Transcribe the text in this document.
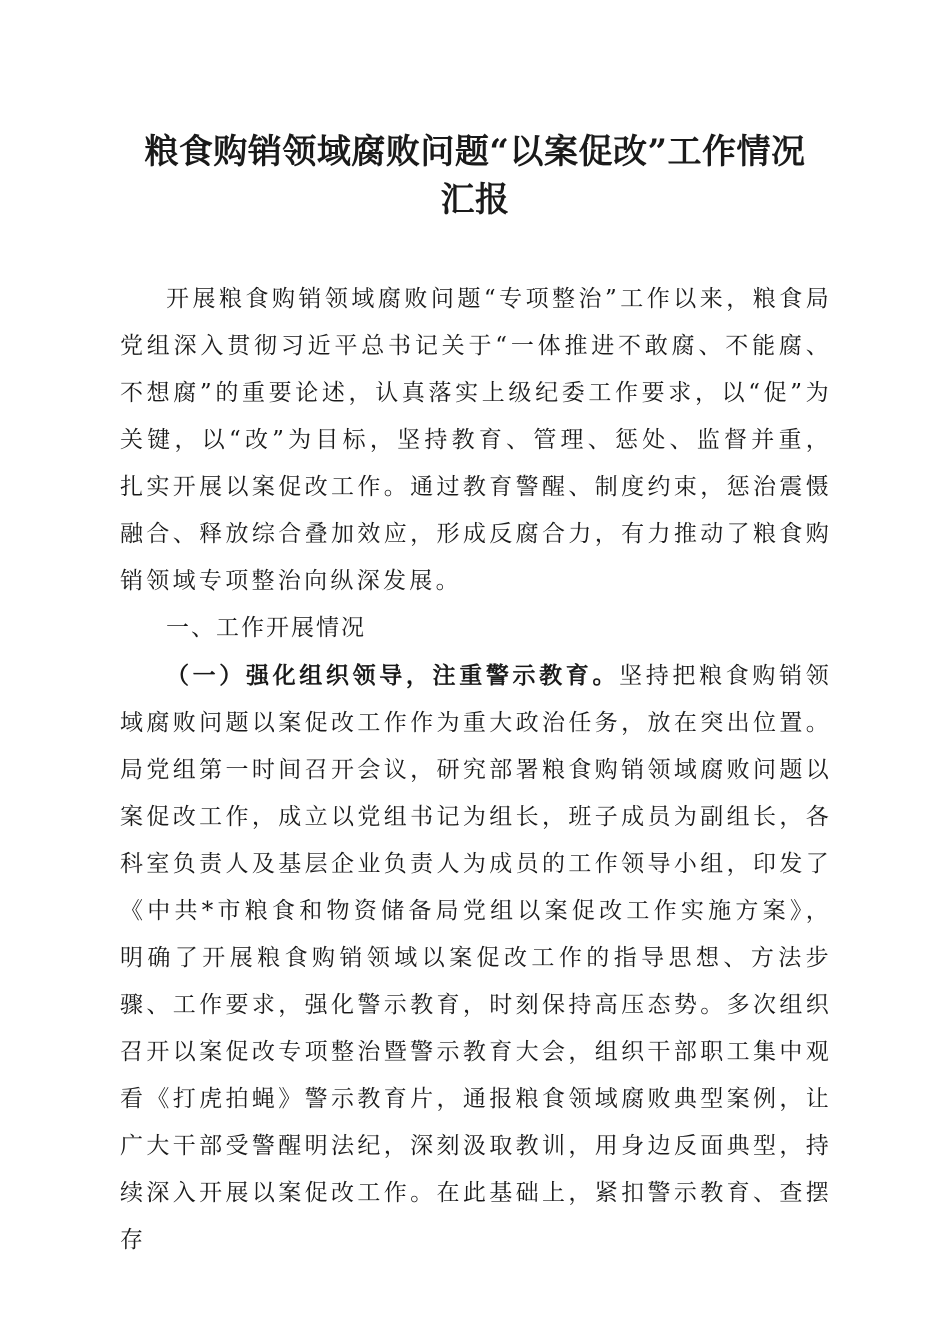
粮食购销领域腐败问题“以案促改”工作情况
汇报

开展粮食购销领域腐败问题“专项整治”工作以来，粮食局党组深入贯彻习近平总书记关于“一体推进不敢腐、不能腐、不想腐”的重要论述，认真落实上级纪委工作要求，以“促”为关键，以“改”为目标，坚持教育、管理、惩处、监督并重，扎实开展以案促改工作。通过教育警醒、制度约束，惩治震慑融合、释放综合叠加效应，形成反腐合力，有力推动了粮食购销领域专项整治向纵深发展。

一、工作开展情况

（一）强化组织领导，注重警示教育。坚持把粮食购销领域腐败问题以案促改工作作为重大政治任务，放在突出位置。局党组第一时间召开会议，研究部署粮食购销领域腐败问题以案促改工作，成立以党组书记为组长，班子成员为副组长，各科室负责人及基层企业负责人为成员的工作领导小组，印发了《中共*市粮食和物资储备局党组以案促改工作实施方案》，明确了开展粮食购销领域以案促改工作的指导思想、方法步骤、工作要求，强化警示教育，时刻保持高压态势。多次组织召开以案促改专项整治暨警示教育大会，组织干部职工集中观看《打虎拍蝇》警示教育片，通报粮食领域腐败典型案例，让广大干部受警醒明法纪，深刻汲取教训，用身边反面典型，持续深入开展以案促改工作。在此基础上，紧扣警示教育、查摆存
